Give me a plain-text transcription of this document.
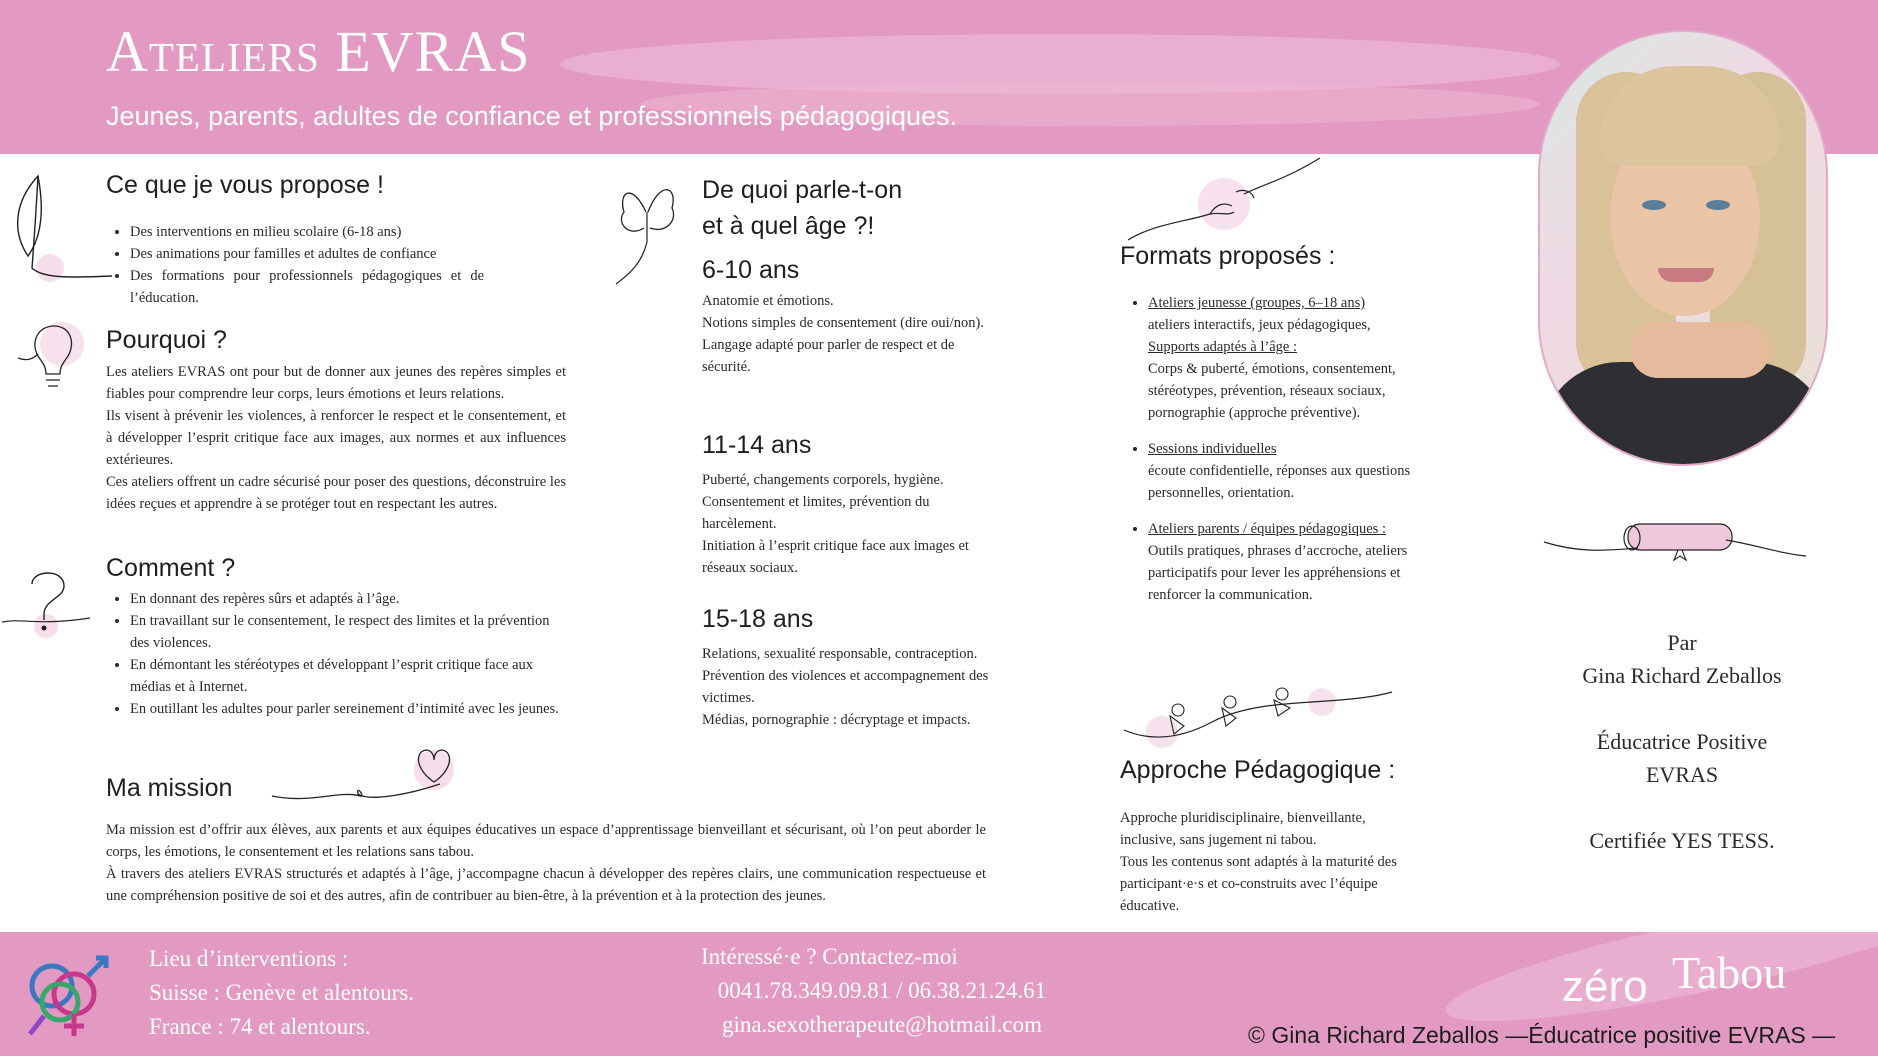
Ateliers EVRAS
Jeunes, parents, adultes de confiance et professionnels pédagogiques.
Ce que je vous propose !
• Des interventions en milieu scolaire (6-18 ans)
• Des animations pour familles et adultes de confiance
• Des formations pour professionnels pédagogiques et de l’éducation.
Pourquoi ?
Les ateliers EVRAS ont pour but de donner aux jeunes des repères simples et fiables pour comprendre leur corps, leurs émotions et leurs relations.
Ils visent à prévenir les violences, à renforcer le respect et le consentement, et à développer l’esprit critique face aux images, aux normes et aux influences extérieures.
Ces ateliers offrent un cadre sécurisé pour poser des questions, déconstruire les idées reçues et apprendre à se protéger tout en respectant les autres.
Comment ?
• En donnant des repères sûrs et adaptés à l’âge.
• En travaillant sur le consentement, le respect des limites et la prévention des violences.
• En démontant les stéréotypes et développant l’esprit critique face aux médias et à Internet.
• En outillant les adultes pour parler sereinement d’intimité avec les jeunes.
Ma mission
Ma mission est d’offrir aux élèves, aux parents et aux équipes éducatives un espace d’apprentissage bienveillant et sécurisant, où l’on peut aborder le corps, les émotions, le consentement et les relations sans tabou.
À travers des ateliers EVRAS structurés et adaptés à l’âge, j’accompagne chacun à développer des repères clairs, une communication respectueuse et une compréhension positive de soi et des autres, afin de contribuer au bien-être, à la prévention et à la protection des jeunes.
De quoi parle-t-on
et à quel âge ?!
6-10 ans
Anatomie et émotions.
Notions simples de consentement (dire oui/non).
Langage adapté pour parler de respect et de sécurité.
11-14 ans
Puberté, changements corporels, hygiène.
Consentement et limites, prévention du harcèlement.
Initiation à l’esprit critique face aux images et réseaux sociaux.
15-18 ans
Relations, sexualité responsable, contraception.
Prévention des violences et accompagnement des victimes.
Médias, pornographie : décryptage et impacts.
Formats proposés :
• Ateliers jeunesse (groupes, 6–18 ans)
ateliers interactifs, jeux pédagogiques,
Supports adaptés à l’âge :
Corps & puberté, émotions, consentement, stéréotypes, prévention, réseaux sociaux, pornographie (approche préventive).
• Sessions individuelles
écoute confidentielle, réponses aux questions personnelles, orientation.
• Ateliers parents / équipes pédagogiques :
Outils pratiques, phrases d’accroche, ateliers participatifs pour lever les appréhensions et renforcer la communication.
Approche Pédagogique :
Approche pluridisciplinaire, bienveillante, inclusive, sans jugement ni tabou.
Tous les contenus sont adaptés à la maturité des participant·e·s et co-construits avec l’équipe éducative.
Par
Gina Richard Zeballos
Éducatrice Positive
EVRAS
Certifiée YES TESS.
Lieu d’interventions :
Suisse : Genève et alentours.
France : 74 et alentours.
Intéressé·e ? Contactez-moi
0041.78.349.09.81 / 06.38.21.24.61
gina.sexotherapeute@hotmail.com
zéro Tabou
© Gina Richard Zeballos —Éducatrice positive EVRAS —
